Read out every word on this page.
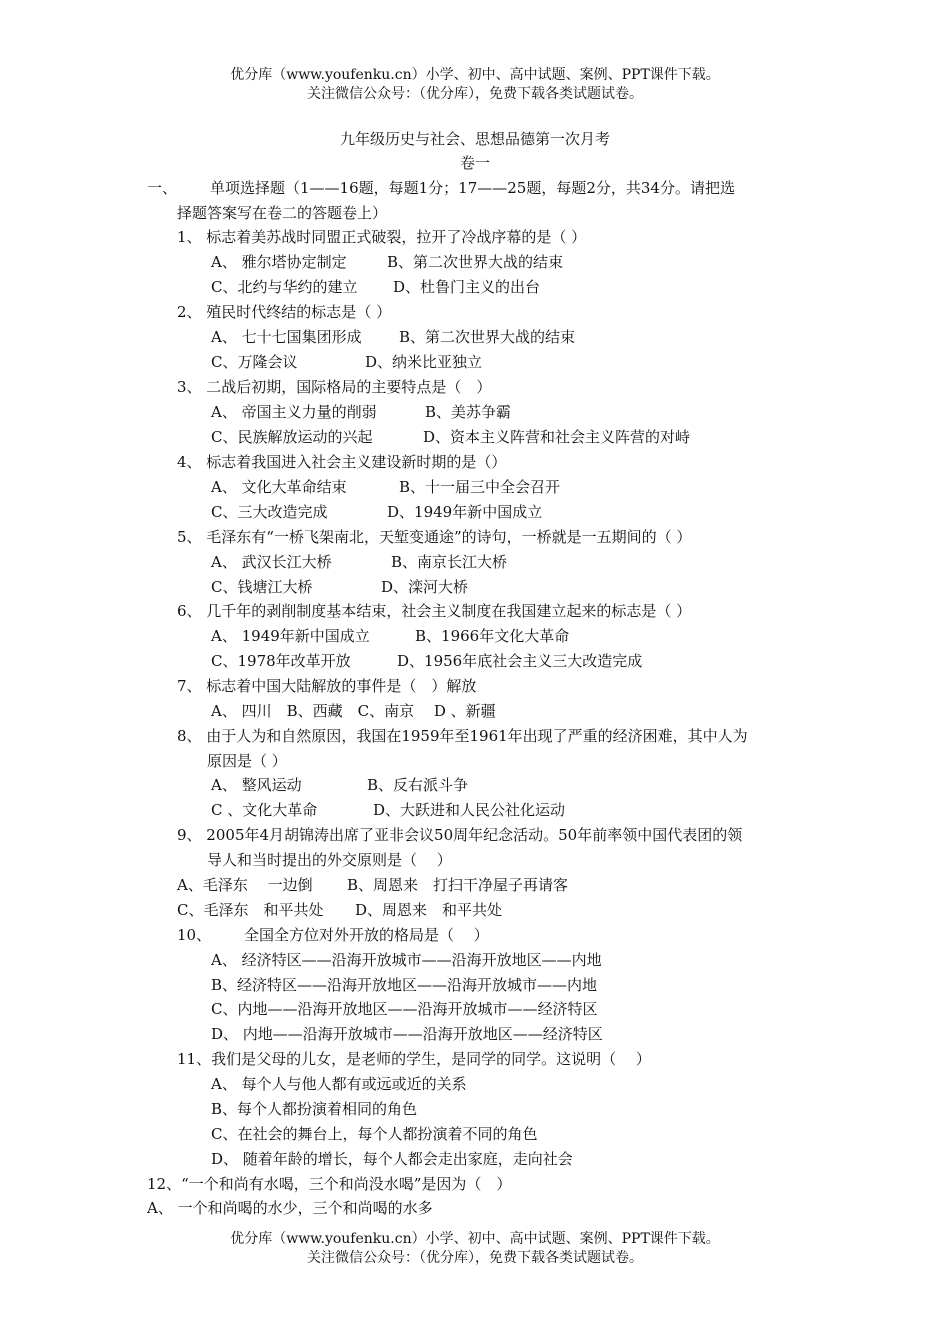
优分库（www.youfenku.cn）小学、初中、高中试题、案例、PPT课件下载。
关注微信公众号：（优分库），免费下载各类试题试卷。
九年级历史与社会、思想品德第一次月考
卷一
一、 单项选择题（1——16题，每题1分；17——25题，每题2分，共34分。请把选
择题答案写在卷二的答题卷上）
1、 标志着美苏战时同盟正式破裂，拉开了冷战序幕的是（ ）
A、 雅尔塔协定制定	B、第二次世界大战的结束
C、北约与华约的建立 D、杜鲁门主义的出台
2、 殖民时代终结的标志是（ ）
A、 七十七国集团形成 B、第二次世界大战的结束
C、万隆会议	D、纳米比亚独立
3、 二战后初期，国际格局的主要特点是（　）
A、 帝国主义力量的削弱	B、美苏争霸
C、民族解放运动的兴起	D、资本主义阵营和社会主义阵营的对峙
4、 标志着我国进入社会主义建设新时期的是（）
A、 文化大革命结束	B、十一届三中全会召开
C、三大改造完成	D、1949年新中国成立
5、 毛泽东有“一桥飞架南北，天堑变通途”的诗句，一桥就是一五期间的（ ）
A、 武汉长江大桥	B、南京长江大桥
C、钱塘江大桥	D、滦河大桥
6、 几千年的剥削制度基本结束，社会主义制度在我国建立起来的标志是（ ）
A、 1949年新中国成立	B、1966年文化大革命
C、1978年改革开放	D、1956年底社会主义三大改造完成
7、 标志着中国大陆解放的事件是（　）解放
A、 四川　B、西藏　C、南京　 D 、新疆
8、 由于人为和自然原因，我国在1959年至1961年出现了严重的经济困难，其中人为
原因是（ ）
A、 整风运动	B、反右派斗争
C 、文化大革命	D、大跃进和人民公社化运动
9、 2005年4月胡锦涛出席了亚非会议50周年纪念活动。50年前率领中国代表团的领
导人和当时提出的外交原则是（　 ）
A、毛泽东　 一边倒 B、周恩来　打扫干净屋子再请客
C、毛泽东　和平共处 D、周恩来　和平共处
10、 全国全方位对外开放的格局是（　 ）
A、 经济特区——沿海开放城市——沿海开放地区——内地
B、经济特区——沿海开放地区——沿海开放城市——内地
C、内地——沿海开放地区——沿海开放城市——经济特区
D、 内地——沿海开放城市——沿海开放地区——经济特区
11、我们是父母的儿女，是老师的学生，是同学的同学。这说明（　 ）
A、 每个人与他人都有或远或近的关系
B、每个人都扮演着相同的角色
C、在社会的舞台上，每个人都扮演着不同的角色
D、 随着年龄的增长，每个人都会走出家庭，走向社会
12、“一个和尚有水喝，三个和尚没水喝”是因为（　）
A、 一个和尚喝的水少，三个和尚喝的水多
优分库（www.youfenku.cn）小学、初中、高中试题、案例、PPT课件下载。
关注微信公众号：（优分库），免费下载各类试题试卷。
